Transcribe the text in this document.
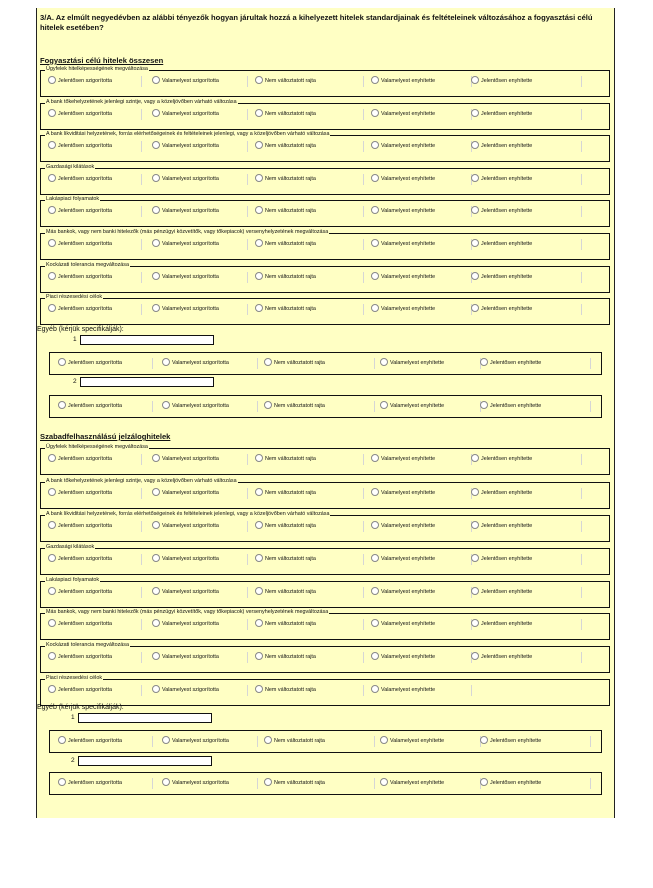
3/A. Az elmúlt negyedévben az alábbi tényezők hogyan járultak hozzá a kihelyezett hitelek standardjainak és feltételeinek változásához a fogyasztási célú hitelek esetében?
Fogyasztási célú hitelek összesen
Ügyfelek hitelképességének megváltozása
Jelentősen szigorította	Valamelyest szigorította	Nem változtatott rajta	Valamelyest enyhítette	Jelentősen enyhítette
A bank tőkehelyzetének jelenlegi szintje, vagy a közeljövőben várható változása
Jelentősen szigorította	Valamelyest szigorította	Nem változtatott rajta	Valamelyest enyhítette	Jelentősen enyhítette
A bank likviditási helyzetének, forrás elérhetőségeinek és feltételeinek jelenlegi, vagy a közeljövőben várható változása
Jelentősen szigorította	Valamelyest szigorította	Nem változtatott rajta	Valamelyest enyhítette	Jelentősen enyhítette
Gazdasági kilátások
Jelentősen szigorította	Valamelyest szigorította	Nem változtatott rajta	Valamelyest enyhítette	Jelentősen enyhítette
Lakáspiaci folyamatok
Jelentősen szigorította	Valamelyest szigorította	Nem változtatott rajta	Valamelyest enyhítette	Jelentősen enyhítette
Más bankok, vagy nem banki hitelezők (más pénzügyi közvetítők, vagy tőkepiacok) versenyhelyzetének megváltozása
Jelentősen szigorította	Valamelyest szigorította	Nem változtatott rajta	Valamelyest enyhítette	Jelentősen enyhítette
Kockázati tolerancia megváltozása
Jelentősen szigorította	Valamelyest szigorította	Nem változtatott rajta	Valamelyest enyhítette	Jelentősen enyhítette
Piaci részesedési célok
Jelentősen szigorította	Valamelyest szigorította	Nem változtatott rajta	Valamelyest enyhítette	Jelentősen enyhítette
Egyéb (kérjük specifikálják):
1
Jelentősen szigorította	Valamelyest szigorította	Nem változtatott rajta	Valamelyest enyhítette	Jelentősen enyhítette
2
Jelentősen szigorította	Valamelyest szigorította	Nem változtatott rajta	Valamelyest enyhítette	Jelentősen enyhítette
Szabadfelhasználású jelzáloghitelek
Ügyfelek hitelképességének megváltozása
Jelentősen szigorította	Valamelyest szigorította	Nem változtatott rajta	Valamelyest enyhítette	Jelentősen enyhítette
A bank tőkehelyzetének jelenlegi szintje, vagy a közeljövőben várható változása
Jelentősen szigorította	Valamelyest szigorította	Nem változtatott rajta	Valamelyest enyhítette	Jelentősen enyhítette
A bank likviditási helyzetének, forrás elérhetőségeinek és feltételeinek jelenlegi, vagy a közeljövőben várható változása
Jelentősen szigorította	Valamelyest szigorította	Nem változtatott rajta	Valamelyest enyhítette	Jelentősen enyhítette
Gazdasági kilátások
Jelentősen szigorította	Valamelyest szigorította	Nem változtatott rajta	Valamelyest enyhítette	Jelentősen enyhítette
Lakáspiaci folyamatok
Jelentősen szigorította	Valamelyest szigorította	Nem változtatott rajta	Valamelyest enyhítette	Jelentősen enyhítette
Más bankok, vagy nem banki hitelezők (más pénzügyi közvetítők, vagy tőkepiacok) versenyhelyzetének megváltozása
Jelentősen szigorította	Valamelyest szigorította	Nem változtatott rajta	Valamelyest enyhítette	Jelentősen enyhítette
Kockázati tolerancia megváltozása
Jelentősen szigorította	Valamelyest szigorította	Nem változtatott rajta	Valamelyest enyhítette	Jelentősen enyhítette
Piaci részesedési célok
Jelentősen szigorította	Valamelyest szigorította	Nem változtatott rajta	Valamelyest enyhítette
Egyéb (kérjük specifikálják):
1
Jelentősen szigorította	Valamelyest szigorította	Nem változtatott rajta	Valamelyest enyhítette	Jelentősen enyhítette
2
Jelentősen szigorította	Valamelyest szigorította	Nem változtatott rajta	Valamelyest enyhítette	Jelentősen enyhítette
